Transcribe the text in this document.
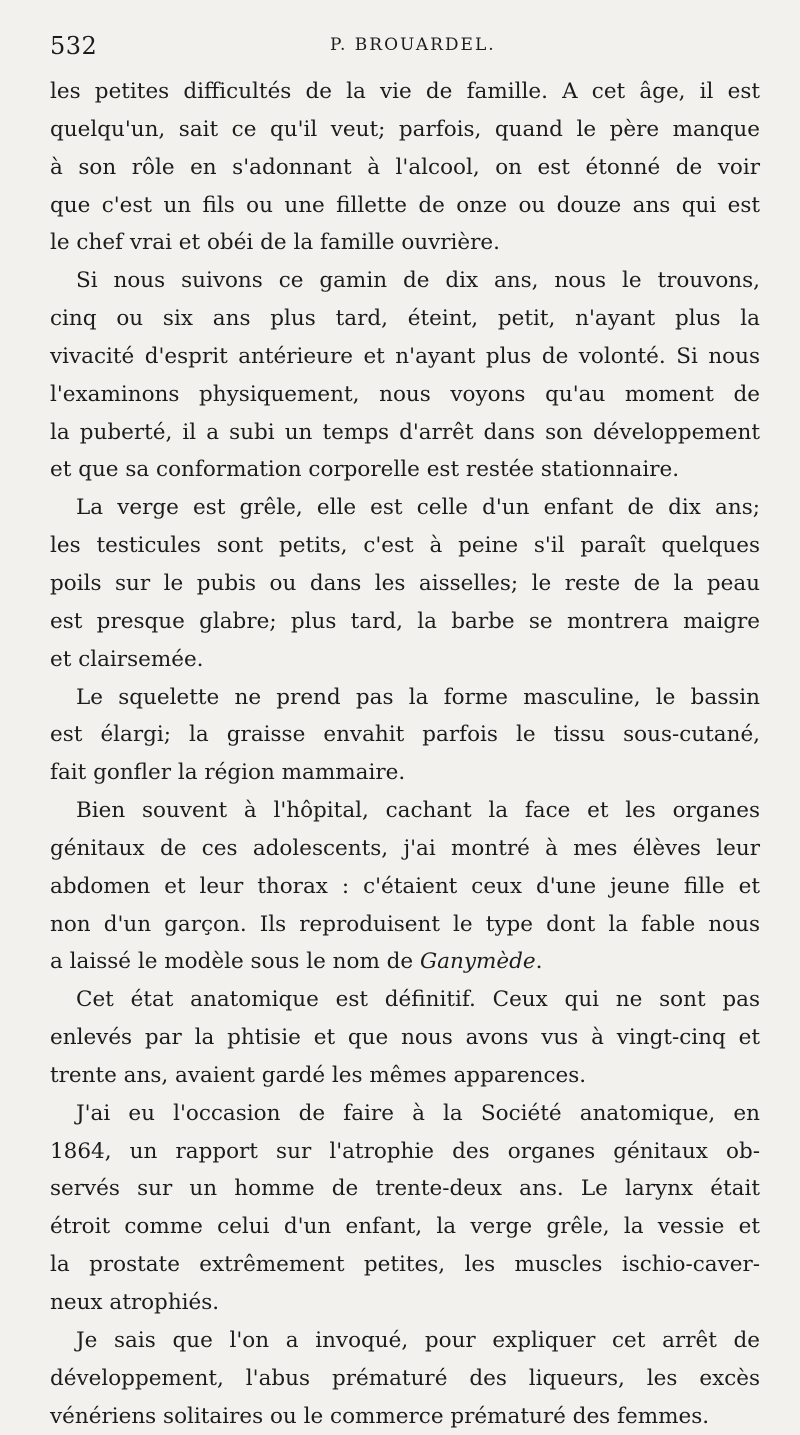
532	P. BROUARDEL.
les petites difficultés de la vie de famille. A cet âge, il est
quelqu'un, sait ce qu'il veut; parfois, quand le père manque
à son rôle en s'adonnant à l'alcool, on est étonné de voir
que c'est un fils ou une fillette de onze ou douze ans qui est
le chef vrai et obéi de la famille ouvrière.
Si nous suivons ce gamin de dix ans, nous le trouvons,
cinq ou six ans plus tard, éteint, petit, n'ayant plus la
vivacité d'esprit antérieure et n'ayant plus de volonté. Si nous
l'examinons physiquement, nous voyons qu'au moment de
la puberté, il a subi un temps d'arrêt dans son développement
et que sa conformation corporelle est restée stationnaire.
La verge est grêle, elle est celle d'un enfant de dix ans;
les testicules sont petits, c'est à peine s'il paraît quelques
poils sur le pubis ou dans les aisselles; le reste de la peau
est presque glabre; plus tard, la barbe se montrera maigre
et clairsemée.
Le squelette ne prend pas la forme masculine, le bassin
est élargi; la graisse envahit parfois le tissu sous-cutané,
fait gonfler la région mammaire.
Bien souvent à l'hôpital, cachant la face et les organes
génitaux de ces adolescents, j'ai montré à mes élèves leur
abdomen et leur thorax : c'étaient ceux d'une jeune fille et
non d'un garçon. Ils reproduisent le type dont la fable nous
a laissé le modèle sous le nom de Ganymède.
Cet état anatomique est définitif. Ceux qui ne sont pas
enlevés par la phtisie et que nous avons vus à vingt-cinq et
trente ans, avaient gardé les mêmes apparences.
J'ai eu l'occasion de faire à la Société anatomique, en
1864, un rapport sur l'atrophie des organes génitaux ob-
servés sur un homme de trente-deux ans. Le larynx était
étroit comme celui d'un enfant, la verge grêle, la vessie et
la prostate extrêmement petites, les muscles ischio-caver-
neux atrophiés.
Je sais que l'on a invoqué, pour expliquer cet arrêt de
développement, l'abus prématuré des liqueurs, les excès
vénériens solitaires ou le commerce prématuré des femmes.
